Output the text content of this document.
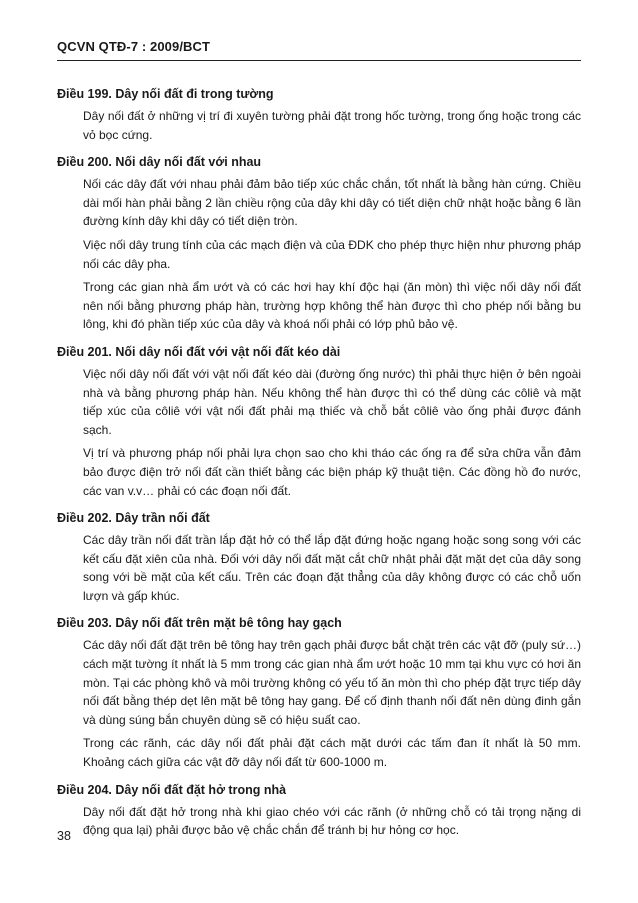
QCVN QTĐ-7 : 2009/BCT
Điều 199. Dây nối đất đi trong tường

Dây nối đất ở những vị trí đi xuyên tường phải đặt trong hốc tường, trong ống hoặc trong các vỏ bọc cứng.

Điều 200. Nối dây nối đất với nhau

Nối các dây đất với nhau phải đảm bảo tiếp xúc chắc chắn, tốt nhất là bằng hàn cứng. Chiều dài mối hàn phải bằng 2 lần chiều rộng của dây khi dây có tiết diện chữ nhật hoặc bằng 6 lần đường kính dây khi dây có tiết diện tròn.

Việc nối dây trung tính của các mạch điện và của ĐDK cho phép thực hiện như phương pháp nối các dây pha.

Trong các gian nhà ẩm ướt và có các hơi hay khí độc hại (ăn mòn) thì việc nối dây nối đất nên nối bằng phương pháp hàn, trường hợp không thể hàn được thì cho phép nối bằng bu lông, khi đó phần tiếp xúc của dây và khoá nối phải có lớp phủ bảo vệ.

Điều 201. Nối dây nối đất với vật nối đất kéo dài

Việc nối dây nối đất với vật nối đất kéo dài (đường ống nước) thì phải thực hiện ở bên ngoài nhà và bằng phương pháp hàn. Nếu không thể hàn được thì có thể dùng các côliê và mặt tiếp xúc của côliê với vật nối đất phải mạ thiếc và chỗ bắt côliê vào ống phải được đánh sạch.

Vị trí và phương pháp nối phải lựa chọn sao cho khi tháo các ống ra để sửa chữa vẫn đảm bảo được điện trở nối đất cần thiết bằng các biện pháp kỹ thuật tiện. Các đồng hồ đo nước, các van v.v… phải có các đoạn nối đất.

Điều 202. Dây trần nối đất

Các dây trần nối đất trần lắp đặt hở có thể lắp đặt đứng hoặc ngang hoặc song song với các kết cấu đặt xiên của nhà. Đối với dây nối đất mặt cắt chữ nhật phải đặt mặt dẹt của dây song song với bề mặt của kết cấu. Trên các đoạn đặt thẳng của dây không được có các chỗ uốn lượn và gấp khúc.

Điều 203. Dây nối đất trên mặt bê tông hay gạch

Các dây nối đất đặt trên bê tông hay trên gạch phải được bắt chặt trên các vật đỡ (puly sứ…) cách mặt tường ít nhất là 5 mm trong các gian nhà ẩm ướt hoặc 10 mm tại khu vực có hơi ăn mòn. Tại các phòng khô và môi trường không có yếu tố ăn mòn thì cho phép đặt trực tiếp dây nối đất bằng thép dẹt lên mặt bê tông hay gang. Để cố định thanh nối đất nên dùng đinh gắn và dùng súng bắn chuyên dùng sẽ có hiệu suất cao.

Trong các rãnh, các dây nối đất phải đặt cách mặt dưới các tấm đan ít nhất là 50 mm. Khoảng cách giữa các vật đỡ dây nối đất từ 600-1000 m.

Điều 204. Dây nối đất đặt hở trong nhà

Dây nối đất đặt hở trong nhà khi giao chéo với các rãnh (ở những chỗ có tải trọng nặng di động qua lại) phải được bảo vệ chắc chắn để tránh bị hư hỏng cơ học.

38
